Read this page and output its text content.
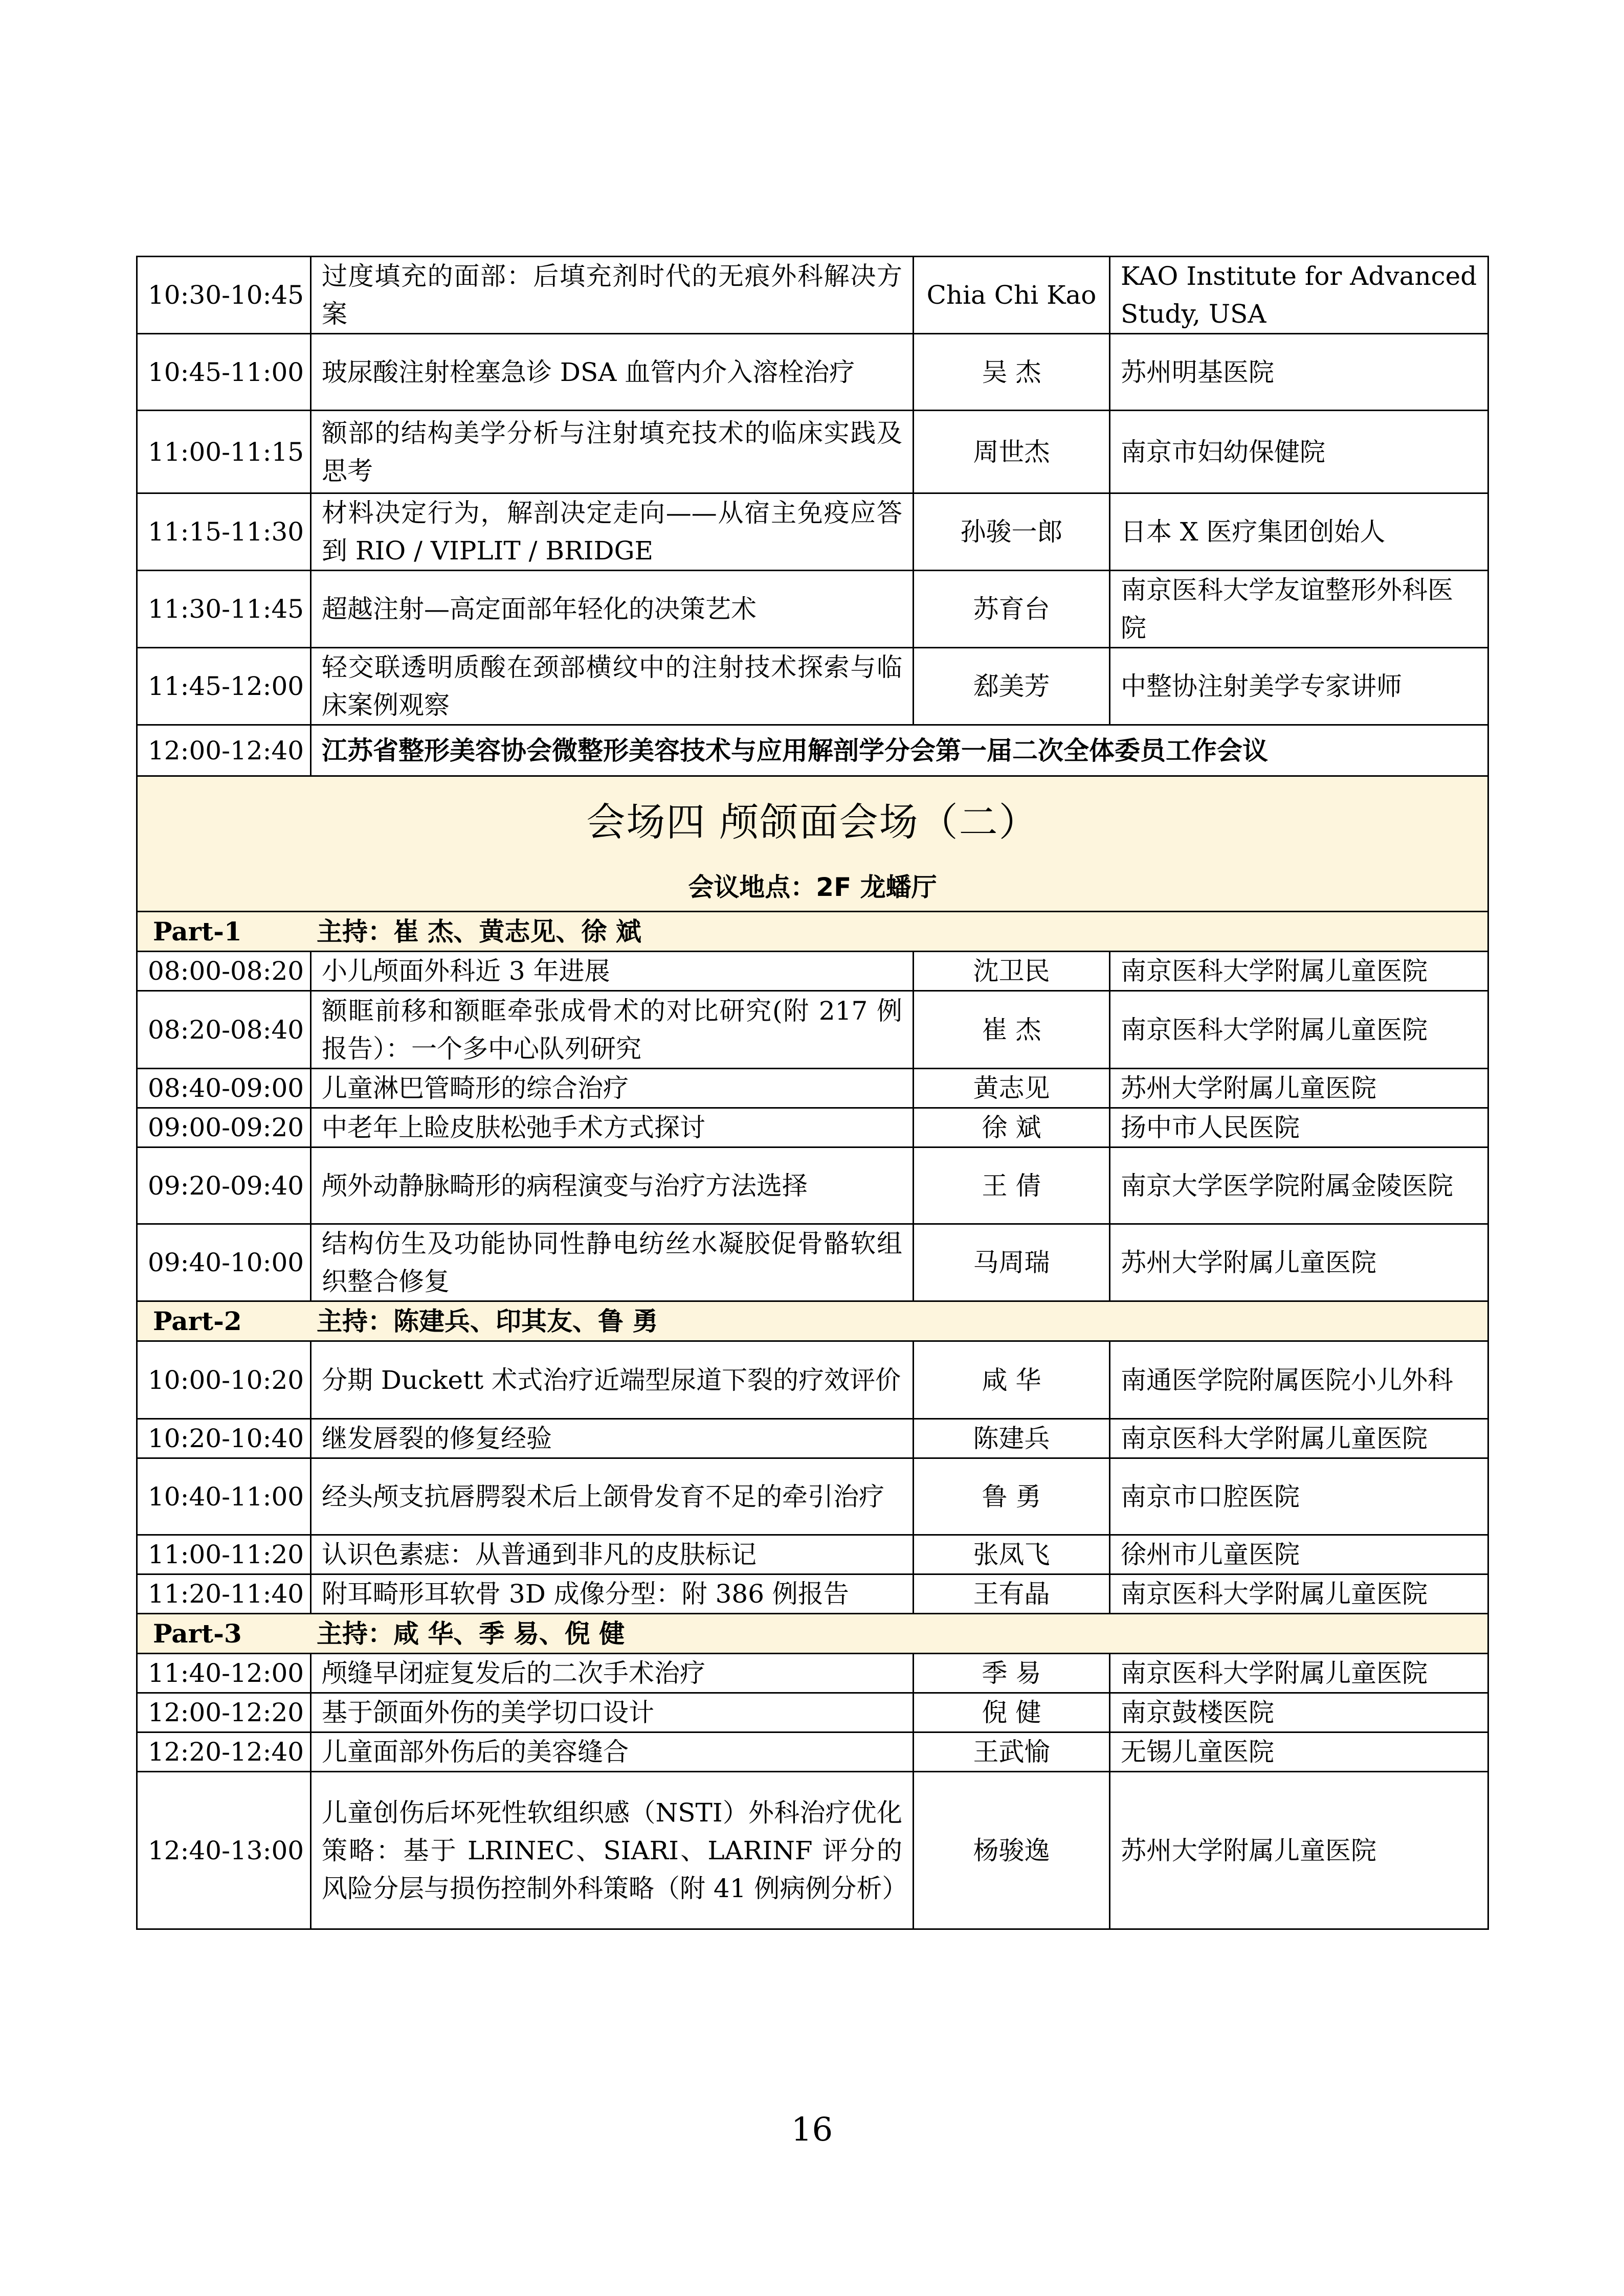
10:30-10:45	过度填充的面部：后填充剂时代的无痕外科解决方案	Chia Chi Kao	KAO Institute for Advanced Study, USA
10:45-11:00	玻尿酸注射栓塞急诊 DSA 血管内介入溶栓治疗	吴 杰	苏州明基医院
11:00-11:15	额部的结构美学分析与注射填充技术的临床实践及思考	周世杰	南京市妇幼保健院
11:15-11:30	材料决定行为，解剖决定走向——从宿主免疫应答到 RIO / VIPLIT / BRIDGE	孙骏一郎	日本 X 医疗集团创始人
11:30-11:45	超越注射—高定面部年轻化的决策艺术	苏育台	南京医科大学友谊整形外科医院
11:45-12:00	轻交联透明质酸在颈部横纹中的注射技术探索与临床案例观察	郄美芳	中整协注射美学专家讲师
12:00-12:40	江苏省整形美容协会微整形美容技术与应用解剖学分会第一届二次全体委员工作会议		

会场四 颅颌面会场（二）
会议地点：2F 龙蟠厅			

Part-1 主持：崔 杰、黄志见、徐 斌			
08:00-08:20	小儿颅面外科近 3 年进展	沈卫民	南京医科大学附属儿童医院
08:20-08:40	额眶前移和额眶牵张成骨术的对比研究(附 217 例报告）：一个多中心队列研究	崔 杰	南京医科大学附属儿童医院
08:40-09:00	儿童淋巴管畸形的综合治疗	黄志见	苏州大学附属儿童医院
09:00-09:20	中老年上睑皮肤松弛手术方式探讨	徐 斌	扬中市人民医院
09:20-09:40	颅外动静脉畸形的病程演变与治疗方法选择	王 倩	南京大学医学院附属金陵医院
09:40-10:00	结构仿生及功能协同性静电纺丝水凝胶促骨骼软组织整合修复	马周瑞	苏州大学附属儿童医院
Part-2 主持：陈建兵、印其友、鲁 勇			
10:00-10:20	分期 Duckett 术式治疗近端型尿道下裂的疗效评价	咸 华	南通医学院附属医院小儿外科
10:20-10:40	继发唇裂的修复经验	陈建兵	南京医科大学附属儿童医院
10:40-11:00	经头颅支抗唇腭裂术后上颌骨发育不足的牵引治疗	鲁 勇	南京市口腔医院
11:00-11:20	认识色素痣：从普通到非凡的皮肤标记	张凤飞	徐州市儿童医院
11:20-11:40	附耳畸形耳软骨 3D 成像分型：附 386 例报告	王有晶	南京医科大学附属儿童医院
Part-3 主持：咸 华、季 易、倪 健			
11:40-12:00	颅缝早闭症复发后的二次手术治疗	季 易	南京医科大学附属儿童医院
12:00-12:20	基于颌面外伤的美学切口设计	倪 健	南京鼓楼医院
12:20-12:40	儿童面部外伤后的美容缝合	王武愉	无锡儿童医院
12:40-13:00	儿童创伤后坏死性软组织感（NSTI）外科治疗优化策略：基于 LRINEC、SIARI、LARINF 评分的风险分层与损伤控制外科策略（附 41 例病例分析）	杨骏逸	苏州大学附属儿童医院
16
